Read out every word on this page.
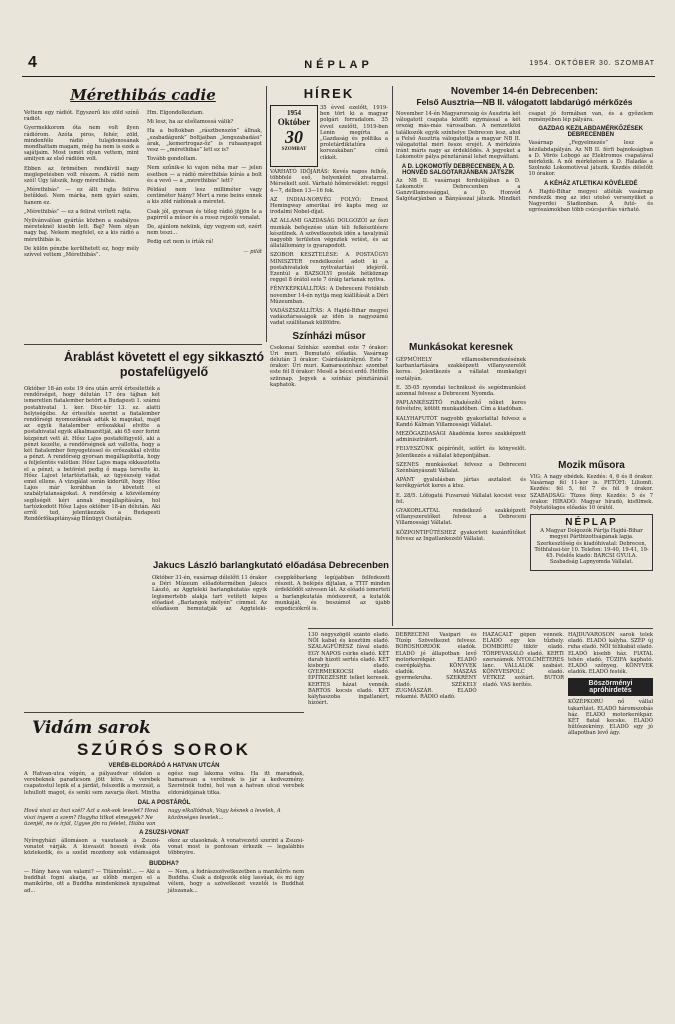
4	NÉPLAP	1954. OKTÓBER 30. SZOMBAT
Mérethibás cadie

Vettem egy rádiót. Egyszerű kis zöld színű rádiót.

Gyermekkorom óta nem volt ilyen rádiórom. Azóta piros, fehér, zöld, mindenféle rádió tulajdonosának mondhattam magam, még ha nem is ezek a sajátjaim. Most ismét olyan vettem, mint amilyen az első rádióm volt.

Ebben az örömében rendkívül nagy meglepetésben volt részem. A rádió nem szól! Úgy látszik, hogy mérethibás.

„Mérethibás” — ez állt rajta felírva betűkkel. Nem márka, nem gyári szám, hanem ez.

„Mérethibás” — ez a felirat virított rajta.

Nyilvánvalóan gyártás közben a szabályos méreteknél kisebb lett. Baj? Nem olyan nagy baj. Nekem megfelel, ez a kis rádió a mérethibás is.

De külön pénzbe kerülhetett ez, hogy mély szívvel vettem „Mérethibás”.

Hm. Elgondolkoztam.

Mi lesz, ha az elsőlamossá válik?

Ha a boltokban „rásztbenszón” állnak, „szabadágunk” boltjaiban „lengszabadási” árak, „kemertrogaz-őz” is ruhaanyagot vesz — „mérethibás” lett ez is?

Tovább gondoltam.

Nem szűnik-e ki vajon néha mar — jelen esetben — a rádió mérethibás kiírás a bolt és a vevő — a „mérethibás” lett?

Például nem lesz milliméter vagy centiméter hiány? Mert a rene beins ennek a kis zöld rádiónak a méretet.

Csak jól, gyorsan és téleg rádió jöjjön le a papírról a műsor és a rossz rejzoló vonalat.

De, ajánlom nekünk, úgy vegyem ezt, ezért nem teszi...

Pedig ezt nem is írták rá!

— pilát
Árablást követett el egy sikkasztó postafelügyelő

Október 18-án este 19 óra után arról értesítették a rendőrséget, hogy délután 17 óra tájban két ismeretlen fiatalember betört a Budapesti 1. számú postahivatal 1. ker. Dísz-tér 13. sz. alatti helyiségébe. Az értesítés szerint a fiatalember rendőrségi nyomozóknak adták ki magukat, majd az egyik fiatalember erőszakkal elvitte a postahivatal egyik alkalmazottját, aki 65 ezer forint kézpénzt vett át. Hősz Lajos postafelügyelő, aki a pénzt kezelte, a rendőrségnek azt vallotta, hogy a két fiatalember fenyegetéssel és erőszakkal elvitte a pénzt. A rendőrség gyorsan megállapította, hogy a feljelentés valótlan: Hősz Lajos maga sikkasztotta el a pénzt, a betörést pedig ő maga tervelte ki. Hősz Lajost letartóztatták, az ügyészség vádat emel ellene. A vizsgálat során kiderült, hogy Hősz Lajos már korábban is követett el szabálytalanságokat. A rendőrség a közvélemény segítségét kéri annak megállapítására, hol tartózkodott Hősz Lajos október 18-án délután. Aki erről tud, jelentkezzék a Budapesti Rendőrfőkapitányság Bűnügyi Osztályán.

Vidám sarok
SZÚRÓS SOROK
VERÉB-ELDORÁDÓ A HATVAN UTCÁN

A Hatvan-utca végén, a pályaudvar oldalon a verebeknek paradicsom jött létre. A verebek csapatostul lepik el a járdát, felszedik a morzsát, a lehullott magot, és senki sem zavarja őket. Mintha egész nap lakoma volna. Ha itt maradnak, hamarosan a verébnek is jár a kedvezmény. Szeretnék tudni, hol van a hatvan utcai verebek eldorádójának titka.

DAL A POSTÁRÓL

Hová viszi az öszi szél? Azt a sok-sok levelet? Hová viszi ingem a szem? Hogyha titkot elmegyek? Ne üzenjél, ne is írjál, Ugyse jön ra felelet, Hiába van nagy elkallódnak, Vagy késnek a levelek, A közönséges levelek...

A ZSUZSI-VONAT

Nyíregyházi állomáson a vasutasok a Zsuzsi-vonatot várják. A kisvasút hosszú évek óta közlekedik, és a szelíd mozdony sok vidámságot okoz az utasoknak. A vonatvezető szerint a Zsuzsi-vonat most is pontosan érkezik — legalábbis többnyire.

BUDDHA?

— Hány hava van valami? — Titánnőnk!... — Aki a buddhát fogni akarja, az előbb menjen el a manikűrbe, ott a Buddha mindenkinek nyugalmat ad...

— Nem, a fodrászszövetkezetben a manikűrös nem Buddha. Csak a dolgozók elég lassúak, és mi úgy vélem, hogy a szövetkezet vezetői is Buddhát játszanak...

HÍREK
1954
Október
30
SZOMBAT

35 évvel ezelőtt, 1919-ben tört ki a magyar polgári forradalom. 35 évvel ezelőtt, 1919-ben Lenin megírta a „Gazdaság és politika a proletárdiktatúra korszakában” című cikkét.

VÁRHATÓ IDŐJÁRÁS: Kevés napos felhős, többfelé eső, helyenként zivatarral. Mérsékelt szél. Várható hőmérséklet: reggel 4—7, délben 13—16 fok.

AZ INDIAI-NORVÉG FOLYÓ: Ernest Hemingway amerikai író kapta meg az irodalmi Nobel-díjat.

AZ ALLAMI GAZDASÁG DOLGOZÓI az őszi munkák befejezése után téli felkészülésre készülnek. A szövetkezetek idén a tavalyinál nagyobb területen végeztek vetést, és az állatállomány is gyarapodott.

SZOBOR KESZTELÉSE: A POSTAÜGYI MINISZTER rendelkezést adott ki a postahivatalok nyitvatartási idejéről. Ezentúl a BAZSOLYI posták hétköznap reggel 8 órától este 7 óráig tartanak nyitva.

FÉNYKÉPKIÁLLÍTÁS: A Debreceni Fotóklub november 14-én nyitja meg kiállítását a Déri Múzeumban.

VADÁSZSZÁLLÍTÁS: A Hajdú-Bihar megyei vadásztársaságok az idén is nagyszámú vadat szállítanak külföldre.

Színházi műsor

Csokonai Színház: szombat este 7 órakor: Úri muri. Bemutató előadás. Vasárnap délután 3 órakor: Csárdáskirálynő. Este 7 órakor: Úri muri. Kamaraszínház: szombat este fél 8 órakor: Mesél a bécsi erdő. Hétfőn szünnap. Jegyek a színház pénztáránál kaphatók.

Jakucs László barlangkutató előadása Debrecenben

Október 31-én, vasárnap délelőtt 11 órakor a Déri Múzeum előadótermében Jakucs László, az Aggteleki barlangkutatás egyik legismertebb alakja tart vetített képes előadást „Barlangok mélyén” címmel. Az előadáson bemutatják az Aggteleki-cseppkőbarlang legújabban felfedezett részeit. A belépés díjtalan, a TTIT minden érdeklődőt szívesen lát. Az előadó ismerteti a barlangkutatás módszereit, a kutatók munkáját, és beszámol az újabb expedíciókról is.

November 14-én Debrecenben:
Felső Ausztria—NB II. válogatott labdarúgó mérkőzés

November 14-én Magyarország és Ausztria két válogatott csapata között egymással a két ország más-más városaiban. A nemzetközi találkozók egyik színhelye Debrecen lesz, ahol a Felső Ausztria válogatottja a magyar NB II. válogatottal méri össze erejét. A mérkőzés iránt máris nagy az érdeklődés. A jegyeket a Lokomotív pálya pénztáránál lehet megváltani.

A D. LOKOMOTÍV DEBRECENBEN, A D. HONVÉD SALGÓTARJÁNBAN JÁTSZIK

Az NB II. vasárnapi fordulójában a D. Lokomotív Debrecenben a Ganzvillamossággal, a D. Honvéd Salgótarjánban a Bányásszal játszik. Mindkét csapat jó formában van, és a győzelem reményében lép pályára.

GAZDAG KEZILABDAMÉRKŐZÉSEK DEBRECENBEN

Vasárnap „Fegyelmezés” lesz a kézilabdapályán. Az NB II. férfi bajnokságban a D. Vörös Lobogó az Elektromos csapatával mérkőzik. A női mérkőzésen a D. Haladás a Szolnoki Lokomotívval játszik. Kezdés délelőtt 10 órakor.

A KÉHÁZ ATLETIKAI KÖVÉLEDÉ

A Hajdú-Bihar megyei atléták vasárnap rendezik meg az idei utolsó versenyüket a Nagyerdei Stadionban. A futó- és ugrószámokban több csúcsjavítás várható.

Munkásokat keresnek

GÉPMÜHELY villamosberendezésének karbantartására szakképzett villanyszerelőt keres. Jelentkezés a vállalat munkaügyi osztályán.

E. 35-05 nyomdai technikust és segédmunkást azonnal felvesz a Debreceni Nyomda.

PAPLANKÉSZÍTŐ ruhakészítő nőket keres felvételre, kötött munkaidőben. Cím a kiadóban.

KALYHAFUTÓT nagyobb gyakorlattal felvesz a Kandó Kálmán Villamossági Vállalat.

MEZŐGAZDASÁGI Akadémia keres szakképzett adminisztrátort.

FELVESZÜNK gépírónőt, sofőrt és könyvelőt. Jelentkezés a vállalat központjában.

SZENES munkásokat felvesz a Debreceni Szénbányászati Vállalat.

APÁNT gyalulásban jártas asztalost és kerékgyártót keres a ktsz.

E. 28/5. Lófogatú Fuvarozó Vállalat kocsist vesz fel.

GYAKORLATTAL rendelkező szakképzett villanyszerelőket felvesz a Debreceni Villamossági Vállalat.

KÖZPONTIFŰTÉSHEZ gyakorlott kazánfűtőket felvesz az Ingatlankezelő Vállalat.

Mozik műsora

VIG: A nagy ebédek. Kezdés: 4, 6 és 8 órakor. Vasárnap fél 11-kor is. PETŐFI: Liliomfi. Kezdés: fél 5, fél 7 és fél 9 órakor. SZABADSÁG: Tüzes fény. Kezdés: 5 és 7 órakor. HIRADÓ: Magyar híradó, kisfilmek. Folytatólagos előadás 10 órától.

NÉPLAP

A Magyar Dolgozók Pártja Hajdú-Bihar megyei Pártbizottságának lapja. Szerkesztőség és kiadóhivatal: Debrecen, Tóthfalusi-tér 10. Telefon: 19-40, 19-41, 19-45. Felelős kiadó: BARCSI GYULA. Szabadság Lapnyomda Vállalat.

130 négyszögöl szántó eladó. NŐI kabát és kosztüm eladó. SZALAGFŰRÉSZ fával eladó. EGY NAPOS csirke eladó. KÉT darab hízott sertés eladó. KÉT kisborjú eladó. GYERMEKKOCSI eladó. ÉPÍTKEZÉSRE telket keresek. KERTES házat vennék. BARTÓS kocsis eladó. KÉT kályhaszoba ingatlanért, hízóért.

DEBRECENI Vasipari és Tüzép Szövetkezet felvesz. BOROSHORDÓK eladók. ELADÓ jó állapotban levő motorkerékpár. ELADÓ cserépkályha. KÖNYVEK eladók. MÁSZÁS gyermekruha. SZEKRÉNY eladó. SZÉKELY ZUGMÁSZÁR. ELADÓ rekamié. RÁDIÓ eladó.

HAZACALT gépen vennék. ELADÓ egy kis tűzhely. DOMBORÚ tükör eladó. TÖRPEVASALÓ eladó. KERTI szerszámok. NYOLCMÉTERES lánc. VÁLLALOK szabást. KÖNYVESPOLC eladó. VÉTKEZ szótárt. BUTOR eladó. VAS kerítés.

HAJDÚVÁROSON sarok telek eladó. ELADÓ kályha. SZÉP új ruha eladó. NŐI télikabát eladó. ELADÓ kisebb ház. FIATAL tehén eladó. TŰZIFA kapható. ELADÓ szőnyeg. KÖNYVEK eladók. ELADÓ festék.

Böszörményi apróhirdetés

KÖZÉPKORÚ nő vállal takarítást. ELADÓ háromszobás ház. ELADÓ motorkerékpár. KÉT fiatal kecske. ELADÓ hűtőszekrény. ELADÓ egy jó állapotban levő ágy.
